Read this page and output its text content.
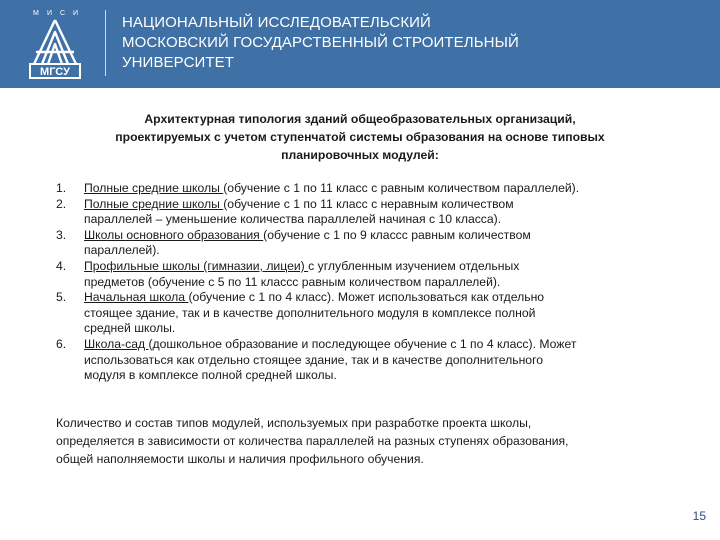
М И С И
МГСУ
НАЦИОНАЛЬНЫЙ ИССЛЕДОВАТЕЛЬСКИЙ
МОСКОВСКИЙ ГОСУДАРСТВЕННЫЙ СТРОИТЕЛЬНЫЙ
УНИВЕРСИТЕТ
Архитектурная типология зданий общеобразовательных организаций,
проектируемых с учетом ступенчатой системы образования на основе типовых
планировочных модулей:
1. Полные средние школы (обучение с 1 по 11 класс с равным количеством параллелей).
2. Полные средние школы (обучение с 1 по 11 класс с неравным количеством
параллелей – уменьшение количества параллелей начиная с 10 класса).
3. Школы основного образования (обучение с 1 по 9 классс равным количеством
параллелей).
4. Профильные школы (гимназии, лицеи) с углубленным изучением отдельных
предметов (обучение с 5 по 11 классс равным количеством параллелей).
5. Начальная школа (обучение с 1 по 4 класс). Может использоваться как отдельно
стоящее здание, так и в качестве дополнительного модуля в комплексе полной
средней школы.
6. Школа-сад (дошкольное образование и последующее обучение с 1 по 4 класс). Может
использоваться как отдельно стоящее здание, так и в качестве дополнительного
модуля в комплексе полной средней школы.
Количество и состав типов модулей, используемых при разработке проекта школы,
определяется в зависимости от количества параллелей на разных ступенях образования,
общей наполняемости школы и наличия профильного обучения.
15
